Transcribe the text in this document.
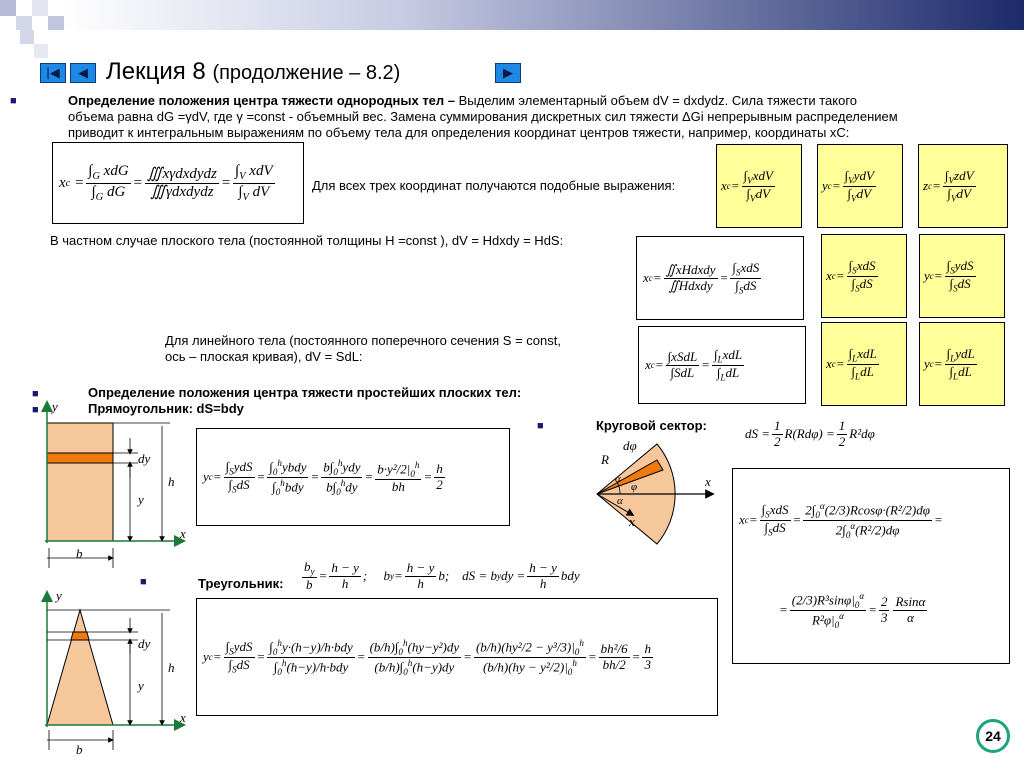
|◀ ◀	▶
Лекция 8 (продолжение – 8.2)
■	Определение положения центра тяжести однородных тел – Выделим элементарный объем dV = dxdydz. Сила тяжести такого
объема равна dG =γdV, где γ =const - объемный вес. Замена суммирования дискретных сил тяжести ΔGi непрерывным распределением
приводит к интегральным выражениям по объему тела для определения координат центров тяжести, например, координаты xC:
x $c = \frac{\int_G xdG}{\int_G dG} = \frac{\text{∭xγdxdydz}}{\text{∭γdxdydz}} = \frac{\int_V xdV}{\int_V dV}$	Для всех трех координат получаются подобные выражения:	x $c = \frac{\int_VxdV}{\int_VdV}$	y $c = \frac{\int_VydV}{\int_VdV}$	z $c = \frac{\int_VzdV}{\int_VdV}$
В частном случае плоского тела (постоянной толщины H =const ), dV = Hdxdy = HdS:
x $c = \frac{\text{∬xHdxdy}}{\text{∬Hdxdy}} = \frac{\int_SxdS}{\int_SdS}$	x $c = \frac{\int_SxdS}{\int_SdS}$	y $c = \frac{\int_SydS}{\int_SdS}$
Для линейного тела (постоянного поперечного сечения S = const,
ось – плоская кривая), dV = SdL:
x $c = \frac{\text{∫xSdL}}{\text{∫SdL}} = \frac{\int_LxdL}{\int_LdL}$	x $c = \frac{\int_LxdL}{\int_LdL}$	y $c = \frac{\int_LydL}{\int_LdL}$
■	Определение положения центра тяжести простейших плоских тел:
■	Прямоугольник: dS=bdy
y
x
dy
y
h
b
y $c = \frac{\int_SydS}{\int_SdS} = \frac{\int_0^hybdy}{\int_0^hbdy} = \frac{b\int_0^hydy}{b\int_0^hdy} = \frac{b\cdot y^2/2|_0^h}{bh} = \frac{h}{2}$
■	Треугольник: $\frac{b_y}{b} = \frac{h - y}{h}$ ;     b $y = \frac{h - y}{h} b$;    dS = b y dy = $\frac{h - y}{h}$ bdy
y
x
dy
y
h
b
y $c = \frac{\int_SydS}{\int_SdS} = \frac{\int_0^hy\cdot(h-y)/h\cdot bdy}{\int_0^h(h-y)/h\cdot bdy} = \frac{(b/h)\int_0^h(hy-y^2)dy}{(b/h)\int_0^h(h-y)dy} = \frac{(b/h)(hy^2/2 - y^3/3)|_0^h}{(b/h)(hy - y^2/2)|_0^h} = \frac{\text{bh²/6}}{bh/2} = \frac{h}{3}$
■	Круговой сектор:
dS = $\frac{1}{2} R(Rd\varphi) = \frac{1}{2} R^2d\varphi$
R
dφ
α
φ
α
x
x	x $c = \frac{\int_SxdS}{\int_SdS} = \frac{2\int_0^\alpha(2/3)Rcos\varphi\cdot(R^2/2)d\varphi}{2\int_0^\alpha(R^2/2)d\varphi}$ =
= $\frac{(2/3)R^3\sin\varphi|_0^\alpha}{R^2\varphi|_0^\alpha} = \frac{2}{3} \frac{Rsin\alpha}{\alpha}$
24
